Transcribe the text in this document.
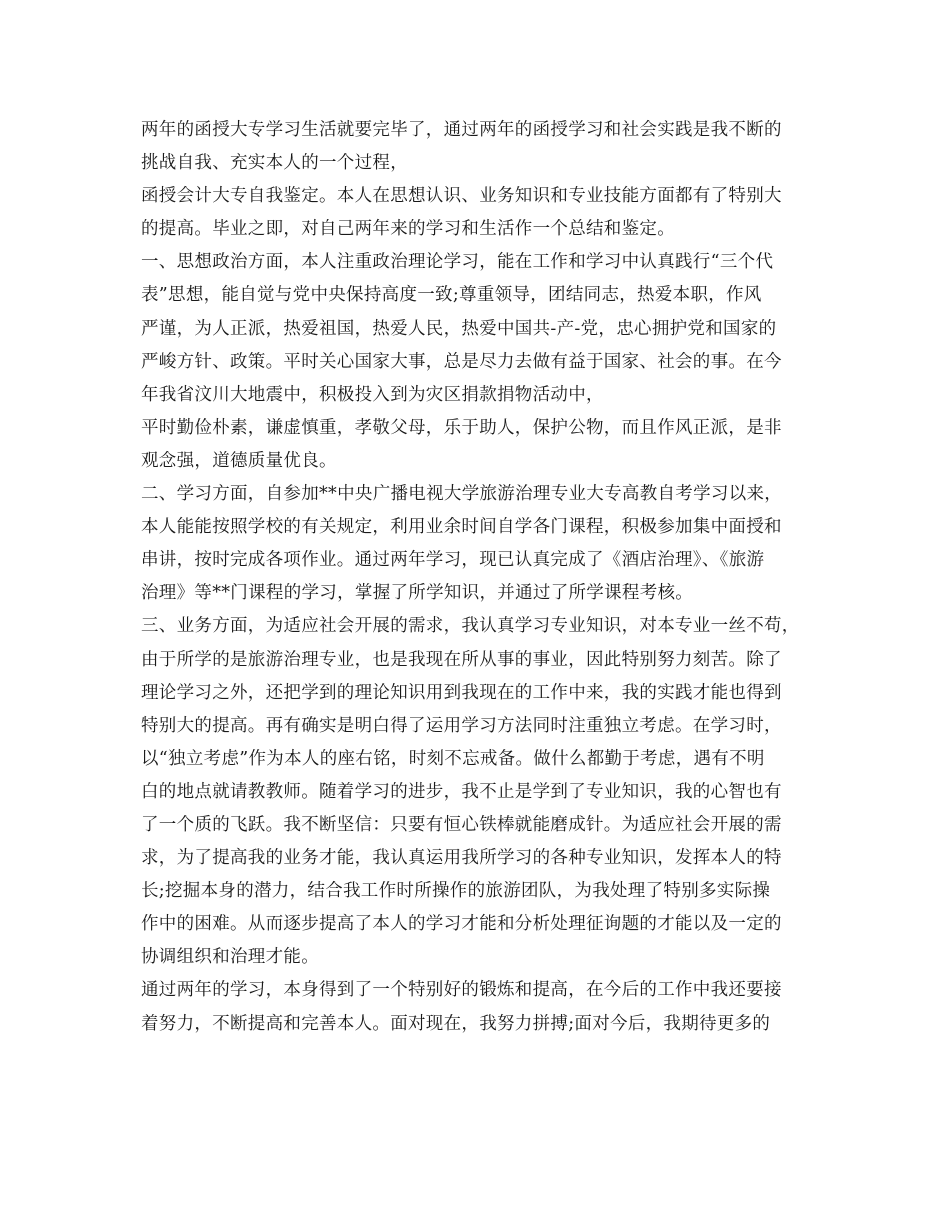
两年的函授大专学习生活就要完毕了，通过两年的函授学习和社会实践是我不断的
挑战自我、充实本人的一个过程，
函授会计大专自我鉴定。本人在思想认识、业务知识和专业技能方面都有了特别大
的提高。毕业之即，对自己两年来的学习和生活作一个总结和鉴定。
一、思想政治方面，本人注重政治理论学习，能在工作和学习中认真践行“三个代
表”思想，能自觉与党中央保持高度一致;尊重领导，团结同志，热爱本职，作风
严谨，为人正派，热爱祖国，热爱人民，热爱中国共-产-党，忠心拥护党和国家的
严峻方针、政策。平时关心国家大事，总是尽力去做有益于国家、社会的事。在今
年我省汶川大地震中，积极投入到为灾区捐款捐物活动中，
平时勤俭朴素，谦虚慎重，孝敬父母，乐于助人，保护公物，而且作风正派，是非
观念强，道德质量优良。
二、学习方面，自参加**中央广播电视大学旅游治理专业大专高教自考学习以来，
本人能能按照学校的有关规定，利用业余时间自学各门课程，积极参加集中面授和
串讲，按时完成各项作业。通过两年学习，现已认真完成了《酒店治理》、《旅游
治理》等**门课程的学习，掌握了所学知识，并通过了所学课程考核。
三、业务方面，为适应社会开展的需求，我认真学习专业知识，对本专业一丝不苟，
由于所学的是旅游治理专业，也是我现在所从事的事业，因此特别努力刻苦。除了
理论学习之外，还把学到的理论知识用到我现在的工作中来，我的实践才能也得到
特别大的提高。再有确实是明白得了运用学习方法同时注重独立考虑。在学习时，
以“独立考虑”作为本人的座右铭，时刻不忘戒备。做什么都勤于考虑，遇有不明
白的地点就请教教师。随着学习的进步，我不止是学到了专业知识，我的心智也有
了一个质的飞跃。我不断坚信：只要有恒心铁棒就能磨成针。为适应社会开展的需
求，为了提高我的业务才能，我认真运用我所学习的各种专业知识，发挥本人的特
长;挖掘本身的潜力，结合我工作时所操作的旅游团队，为我处理了特别多实际操
作中的困难。从而逐步提高了本人的学习才能和分析处理征询题的才能以及一定的
协调组织和治理才能。
通过两年的学习，本身得到了一个特别好的锻炼和提高，在今后的工作中我还要接
着努力，不断提高和完善本人。面对现在，我努力拼搏;面对今后，我期待更多的
